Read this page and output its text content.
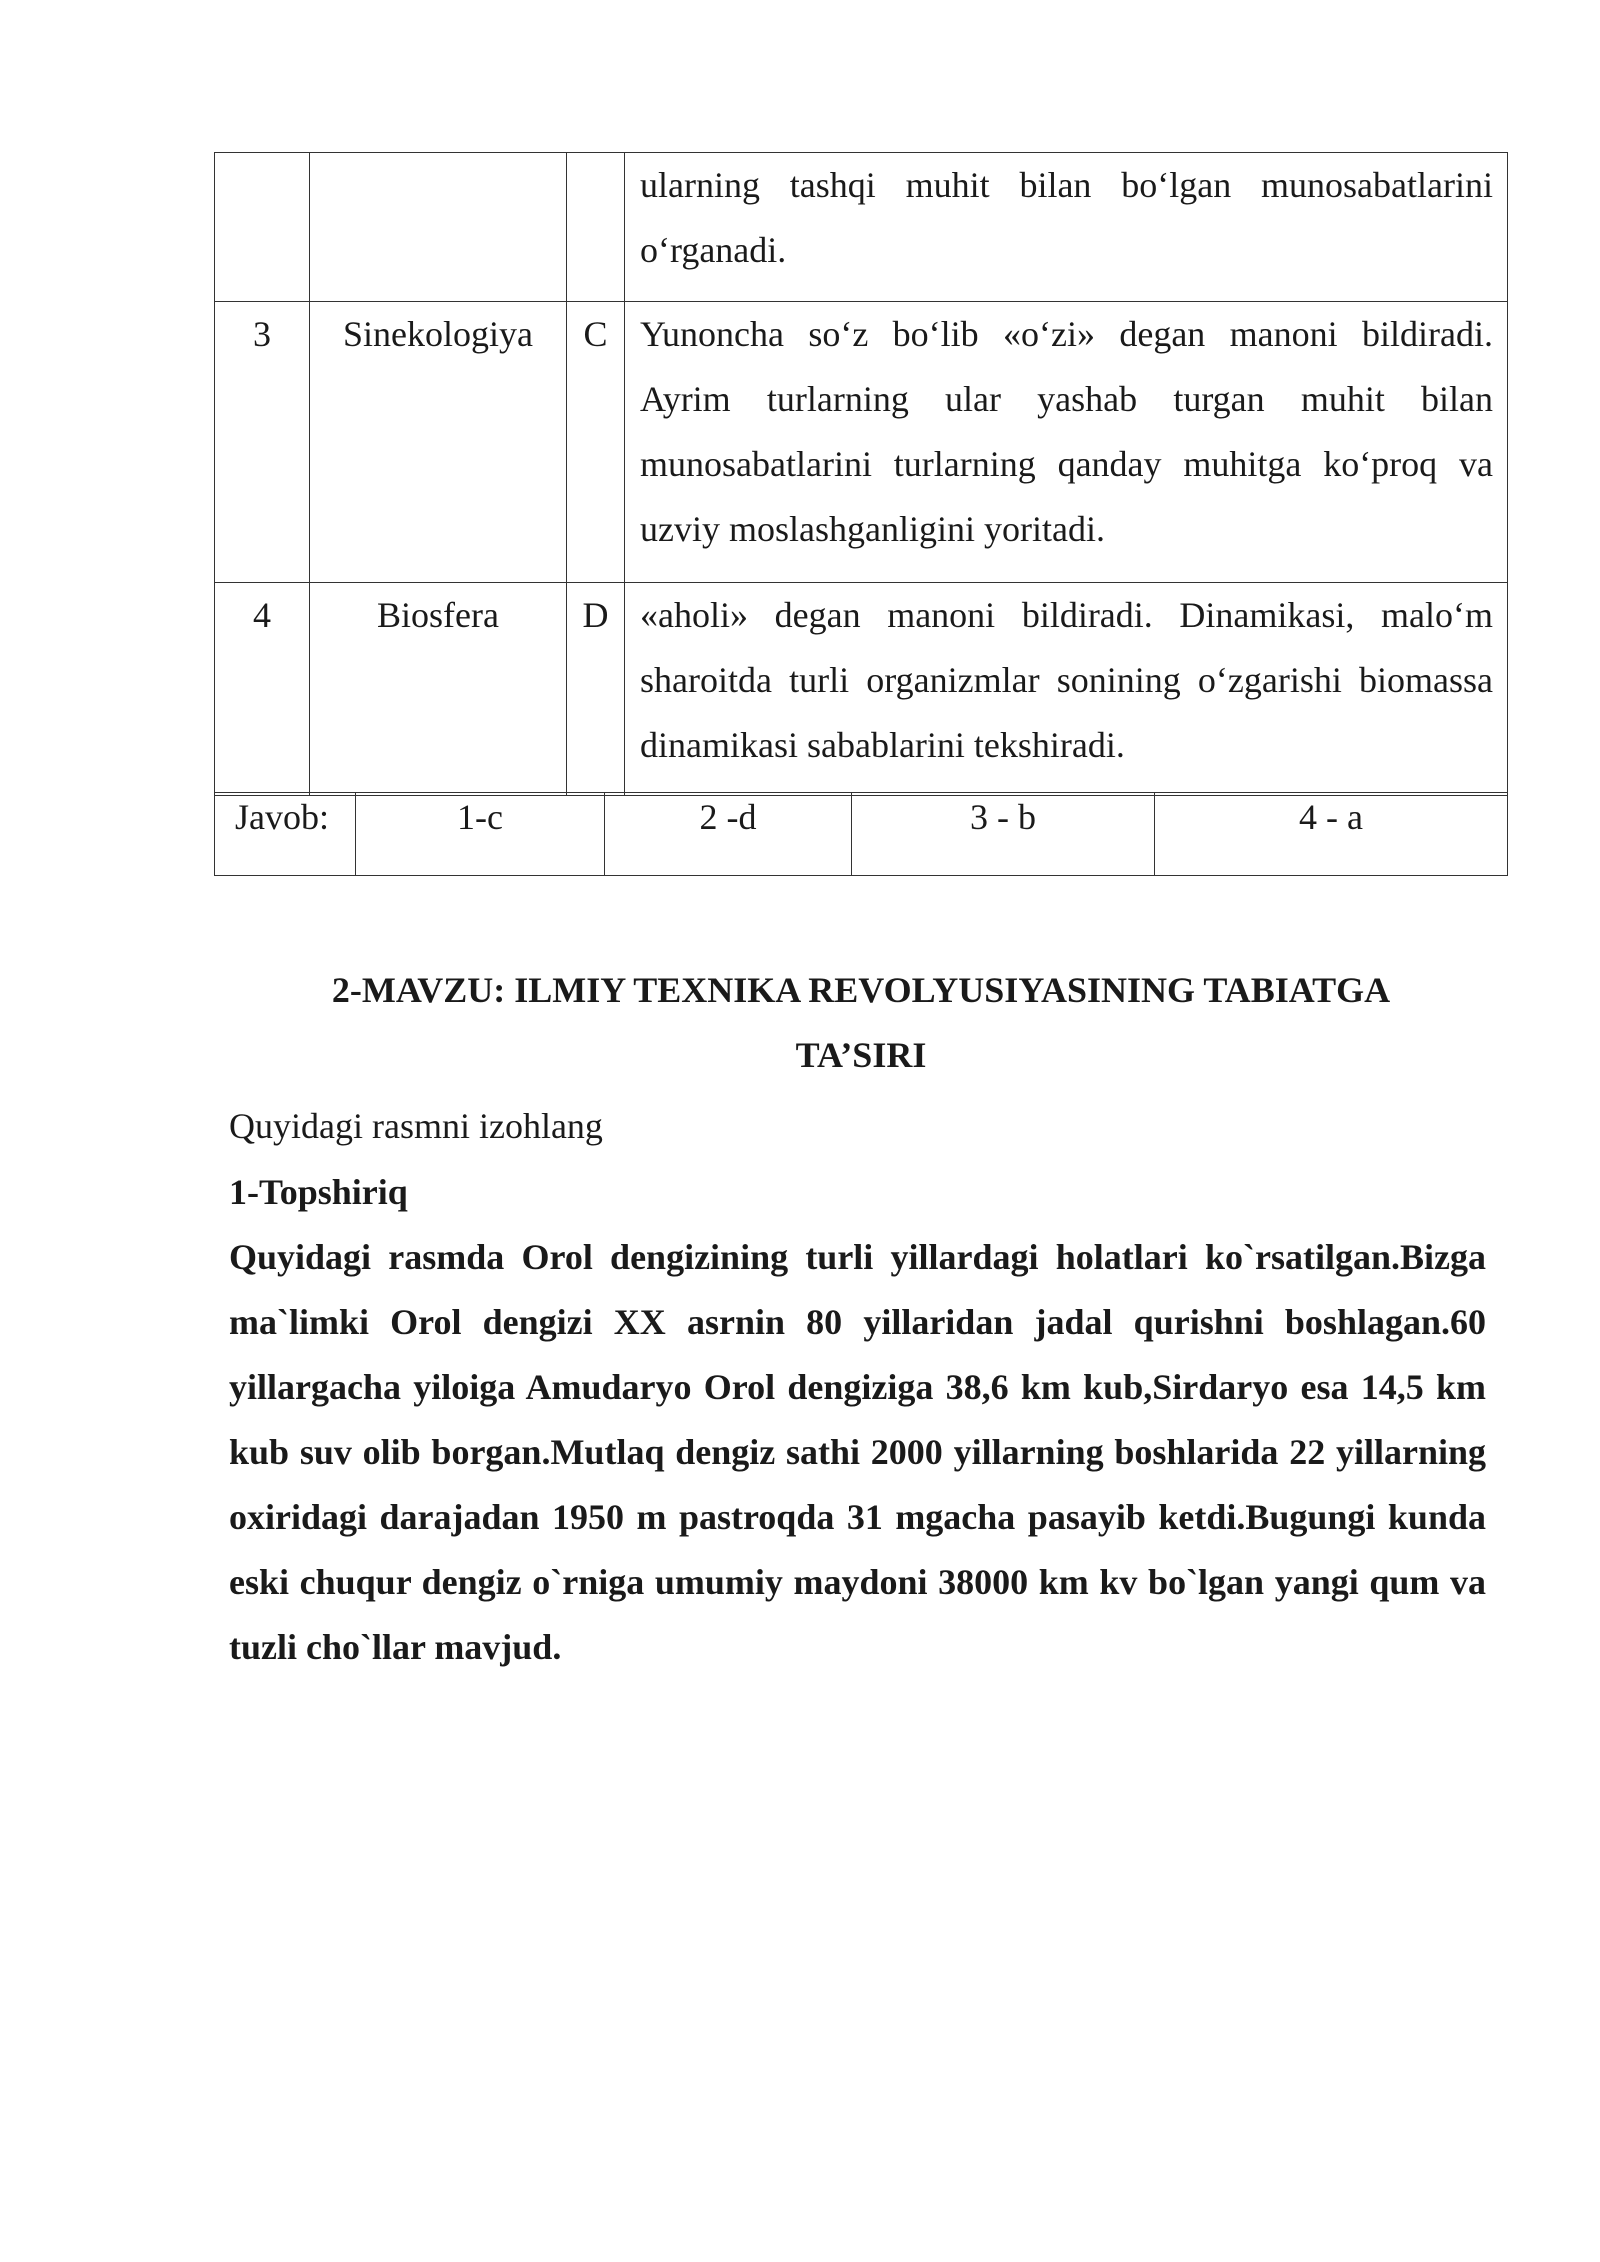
			ularning tashqi muhit bilan bo‘lgan munosabatlarini o‘rganadi.

3	Sinekologiya	C	Yunoncha so‘z bo‘lib «o‘zi» degan manoni bildiradi. Ayrim turlarning ular yashab turgan muhit bilan munosabatlarini turlarning qanday muhitga ko‘proq va uzviy moslashganligini yoritadi.

4	Biosfera	D	«aholi» degan manoni bildiradi. Dinamikasi, malo‘m sharoitda turli organizmlar sonining o‘zgarishi biomassa dinamikasi sabablarini tekshiradi.
Javob:	1-c	2 -d	3 - b	4 - a
2-MAVZU: ILMIY TEXNIKA REVOLYUSIYASINING TABIATGA
TA’SIRI
Quyidagi rasmni izohlang
1-Topshiriq
Quyidagi rasmda Orol dengizining turli yillardagi holatlari ko`rsatilgan.Bizga ma`limki Orol dengizi XX asrnin 80 yillaridan jadal qurishni boshlagan.60 yillargacha yiloiga Amudaryo Orol dengiziga 38,6 km kub,Sirdaryo esa 14,5 km kub suv olib borgan.Mutlaq dengiz sathi 2000 yillarning boshlarida 22 yillarning oxiridagi darajadan 1950 m pastroqda 31 mgacha pasayib ketdi.Bugungi kunda eski chuqur dengiz o`rniga umumiy maydoni 38000 km kv bo`lgan yangi qum va tuzli cho`llar mavjud.
